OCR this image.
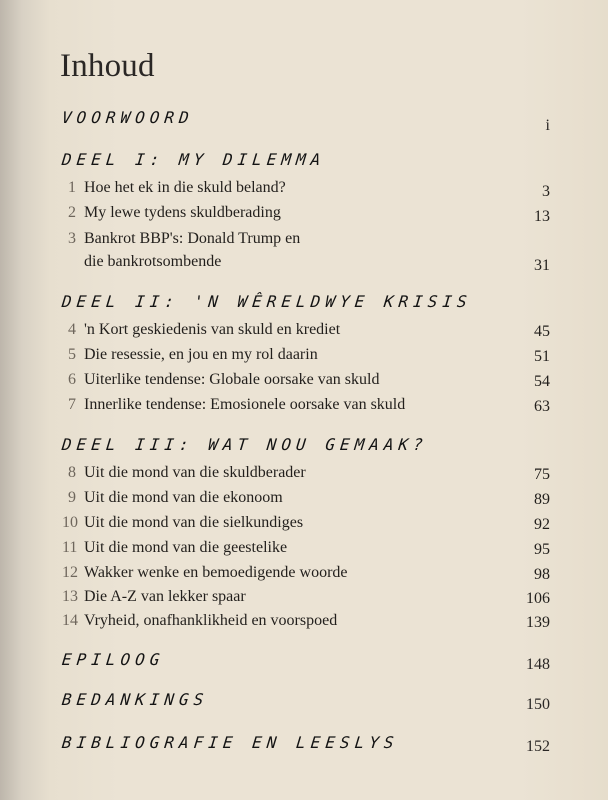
Inhoud
VOORWOORD	i
DEEL I: MY DILEMMA
1 Hoe het ek in die skuld beland?	3
2 My lewe tydens skuldberading	13
3 Bankrot BBP's: Donald Trump en
die bankrotsombende	31
DEEL II: 'N WÊRELDWYE KRISIS
4 'n Kort geskiedenis van skuld en krediet	45
5 Die resessie, en jou en my rol daarin	51
6 Uiterlike tendense: Globale oorsake van skuld	54
7 Innerlike tendense: Emosionele oorsake van skuld	63
DEEL III: WAT NOU GEMAAK?
8 Uit die mond van die skuldberader	75
9 Uit die mond van die ekonoom	89
10 Uit die mond van die sielkundiges	92
11 Uit die mond van die geestelike	95
12 Wakker wenke en bemoedigende woorde	98
13 Die A-Z van lekker spaar	106
14 Vryheid, onafhanklikheid en voorspoed	139
EPILOOG	148
BEDANKINGS	150
BIBLIOGRAFIE EN LEESLYS	152
